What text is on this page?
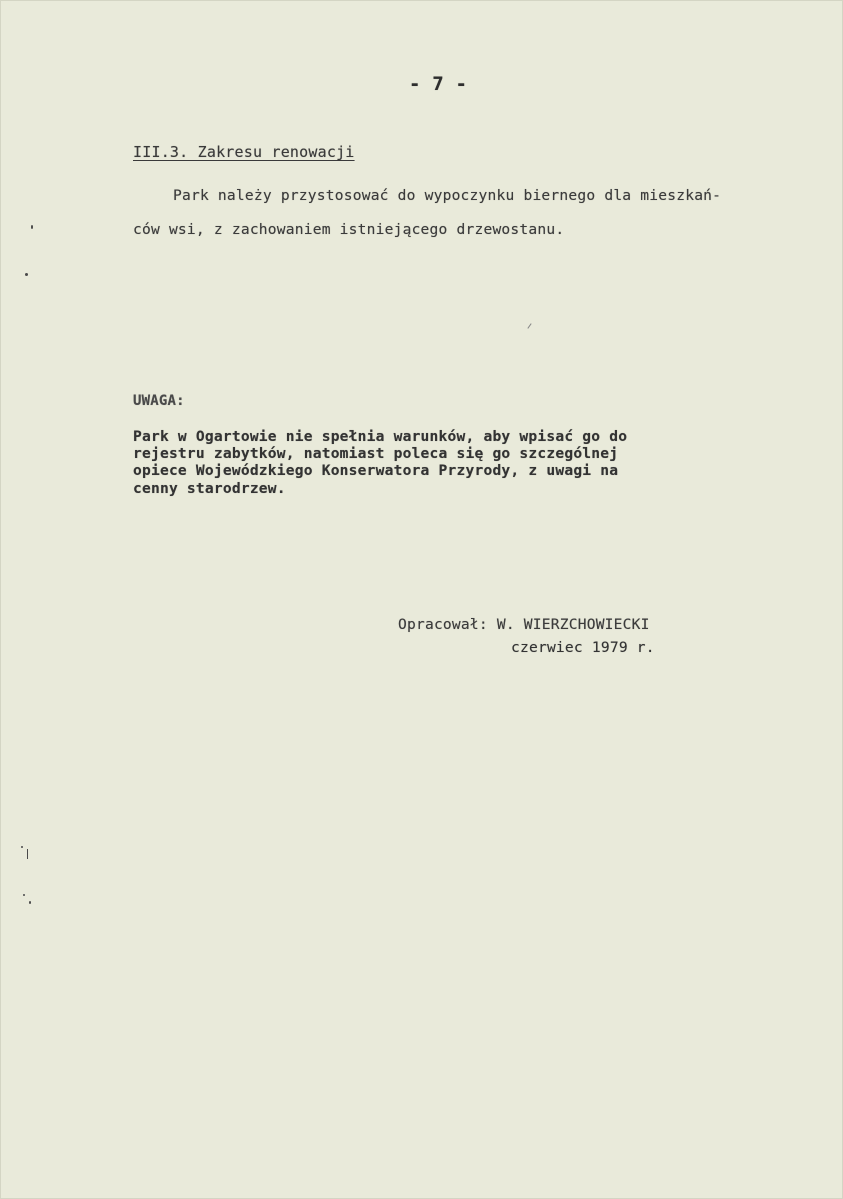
- 7 -
III.3. Zakresu renowacji
Park należy przystosować do wypoczynku biernego dla mieszkań-
ców wsi, z zachowaniem istniejącego drzewostanu.
UWAGA:
Park w Ogartowie nie spełnia warunków, aby wpisać go do
rejestru zabytków, natomiast poleca się go szczególnej
opiece Wojewódzkiego Konserwatora Przyrody, z uwagi na
cenny starodrzew.
Opracował: W. WIERZCHOWIECKI
czerwiec 1979 r.
